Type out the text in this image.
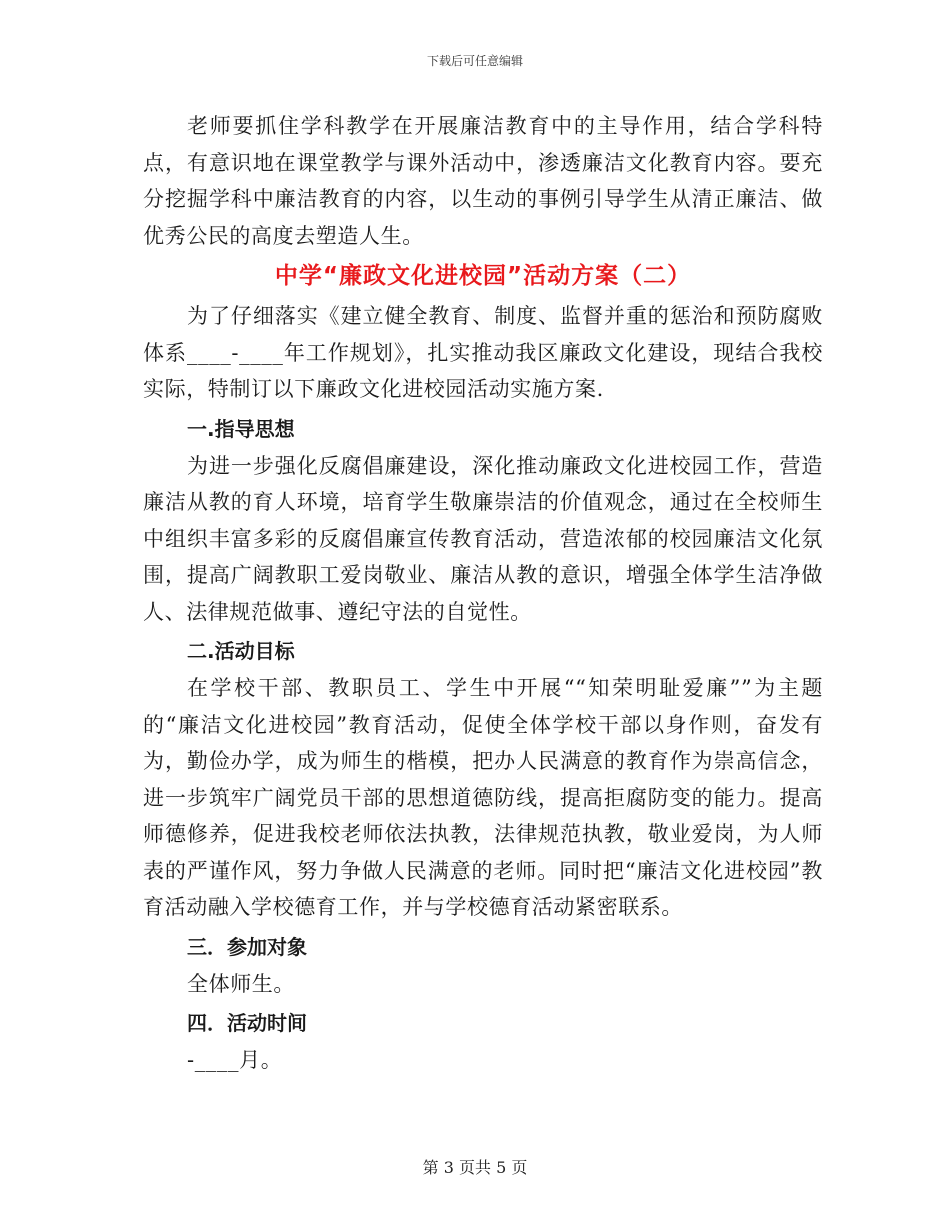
下载后可任意编辑

老师要抓住学科教学在开展廉洁教育中的主导作用，结合学科特点，有意识地在课堂教学与课外活动中，渗透廉洁文化教育内容。要充分挖掘学科中廉洁教育的内容，以生动的事例引导学生从清正廉洁、做优秀公民的高度去塑造人生。

中学“廉政文化进校园”活动方案（二）

为了仔细落实《建立健全教育、制度、监督并重的惩治和预防腐败体系____-____年工作规划》，扎实推动我区廉政文化建设，现结合我校实际，特制订以下廉政文化进校园活动实施方案.

一.指导思想

为进一步强化反腐倡廉建设，深化推动廉政文化进校园工作，营造廉洁从教的育人环境，培育学生敬廉崇洁的价值观念，通过在全校师生中组织丰富多彩的反腐倡廉宣传教育活动，营造浓郁的校园廉洁文化氛围，提高广阔教职工爱岗敬业、廉洁从教的意识，增强全体学生洁净做人、法律规范做事、遵纪守法的自觉性。

二.活动目标

在学校干部、教职员工、学生中开展““知荣明耻爱廉””为主题的“廉洁文化进校园”教育活动，促使全体学校干部以身作则，奋发有为，勤俭办学，成为师生的楷模，把办人民满意的教育作为崇高信念，进一步筑牢广阔党员干部的思想道德防线，提高拒腐防变的能力。提高师德修养，促进我校老师依法执教，法律规范执教，敬业爱岗，为人师表的严谨作风，努力争做人民满意的老师。同时把“廉洁文化进校园”教育活动融入学校德育工作，并与学校德育活动紧密联系。

三．参加对象

全体师生。

四．活动时间

-____月。

第 3 页共 5 页
